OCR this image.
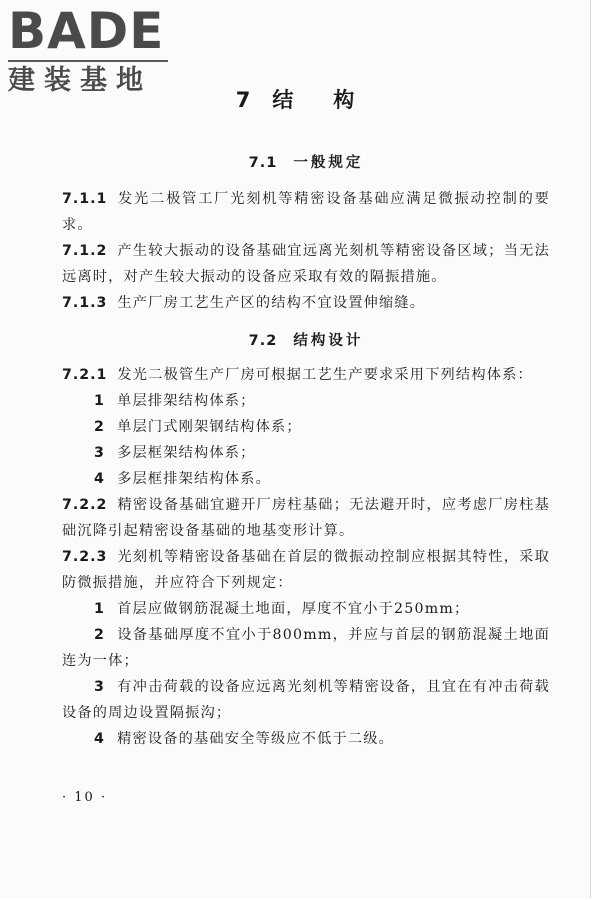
BADE
建装基地
7 结构
7.1 一般规定

7.1.1 发光二极管工厂光刻机等精密设备基础应满足微振动控制的要求。

7.1.2 产生较大振动的设备基础宜远离光刻机等精密设备区域；当无法远离时，对产生较大振动的设备应采取有效的隔振措施。

7.1.3 生产厂房工艺生产区的结构不宜设置伸缩缝。

7.2 结构设计

7.2.1 发光二极管生产厂房可根据工艺生产要求采用下列结构体系：

1 单层排架结构体系；

2 单层门式刚架钢结构体系；

3 多层框架结构体系；

4 多层框排架结构体系。

7.2.2 精密设备基础宜避开厂房柱基础；无法避开时，应考虑厂房柱基础沉降引起精密设备基础的地基变形计算。

7.2.3 光刻机等精密设备基础在首层的微振动控制应根据其特性，采取防微振措施，并应符合下列规定：

1 首层应做钢筋混凝土地面，厚度不宜小于250mm；

2 设备基础厚度不宜小于800mm，并应与首层的钢筋混凝土地面连为一体；

3 有冲击荷载的设备应远离光刻机等精密设备，且宜在有冲击荷载设备的周边设置隔振沟；

4 精密设备的基础安全等级应不低于二级。

· 10 ·
